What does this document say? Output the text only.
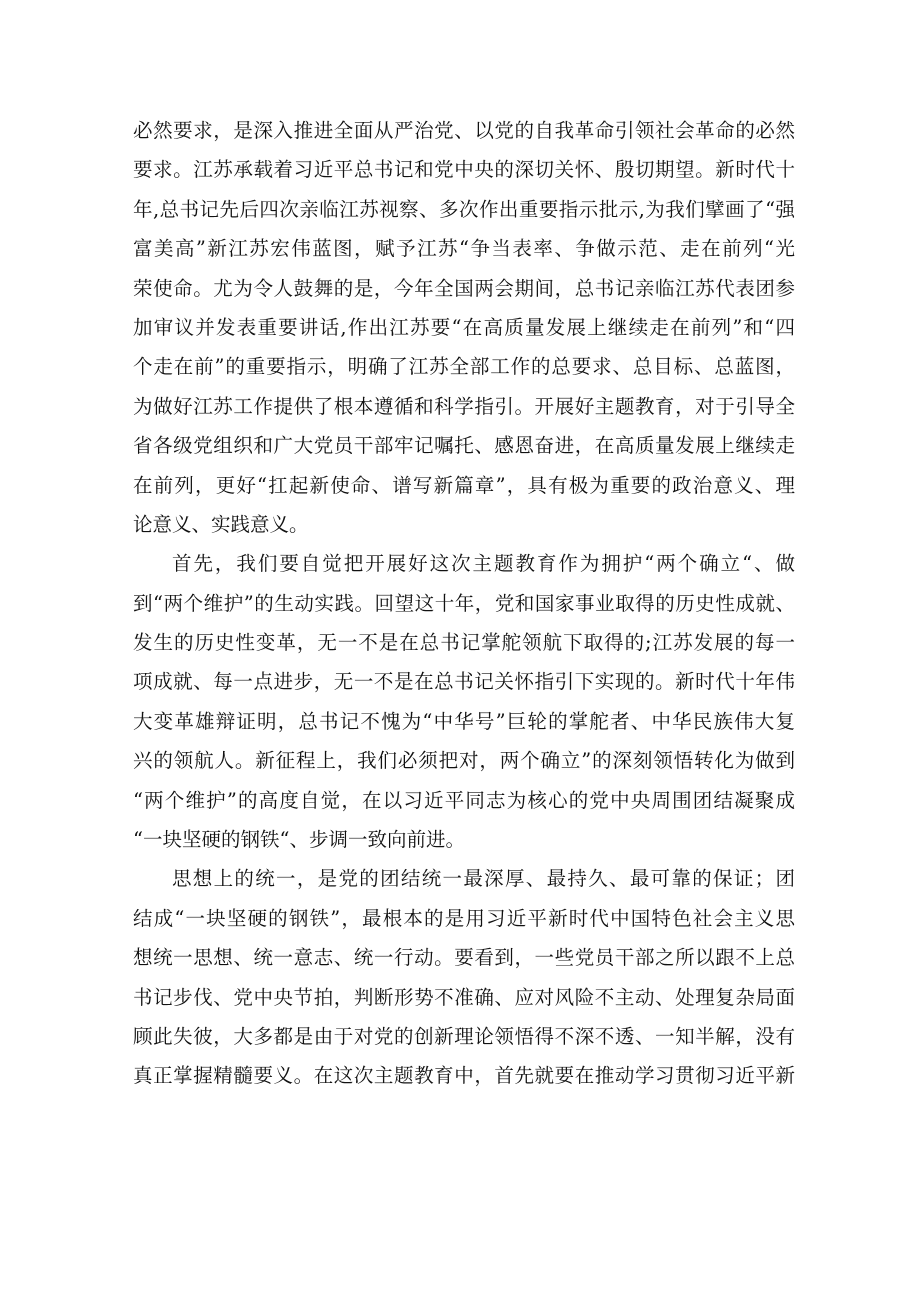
必然要求，是深入推进全面从严治党、以党的自我革命引领社会革命的必然
要求。江苏承载着习近平总书记和党中央的深切关怀、殷切期望。新时代十
年,总书记先后四次亲临江苏视察、多次作出重要指示批示,为我们擘画了“强
富美高”新江苏宏伟蓝图，赋予江苏“争当表率、争做示范、走在前列“光
荣使命。尤为令人鼓舞的是，今年全国两会期间，总书记亲临江苏代表团参
加审议并发表重要讲话,作出江苏要“在高质量发展上继续走在前列”和“四
个走在前”的重要指示，明确了江苏全部工作的总要求、总目标、总蓝图，
为做好江苏工作提供了根本遵循和科学指引。开展好主题教育，对于引导全
省各级党组织和广大党员干部牢记嘱托、感恩奋进，在高质量发展上继续走
在前列，更好“扛起新使命、谱写新篇章”，具有极为重要的政治意义、理
论意义、实践意义。
首先，我们要自觉把开展好这次主题教育作为拥护“两个确立“、做
到“两个维护”的生动实践。回望这十年，党和国家事业取得的历史性成就、
发生的历史性变革，无一不是在总书记掌舵领航下取得的;江苏发展的每一
项成就、每一点进步，无一不是在总书记关怀指引下实现的。新时代十年伟
大变革雄辩证明，总书记不愧为“中华号”巨轮的掌舵者、中华民族伟大复
兴的领航人。新征程上，我们必须把对，两个确立”的深刻领悟转化为做到
“两个维护”的高度自觉，在以习近平同志为核心的党中央周围团结凝聚成
“一块坚硬的钢铁“、步调一致向前进。
思想上的统一，是党的团结统一最深厚、最持久、最可靠的保证；团
结成“一块坚硬的钢铁”，最根本的是用习近平新时代中国特色社会主义思
想统一思想、统一意志、统一行动。要看到，一些党员干部之所以跟不上总
书记步伐、党中央节拍，判断形势不准确、应对风险不主动、处理复杂局面
顾此失彼，大多都是由于对党的创新理论领悟得不深不透、一知半解，没有
真正掌握精髓要义。在这次主题教育中，首先就要在推动学习贯彻习近平新
